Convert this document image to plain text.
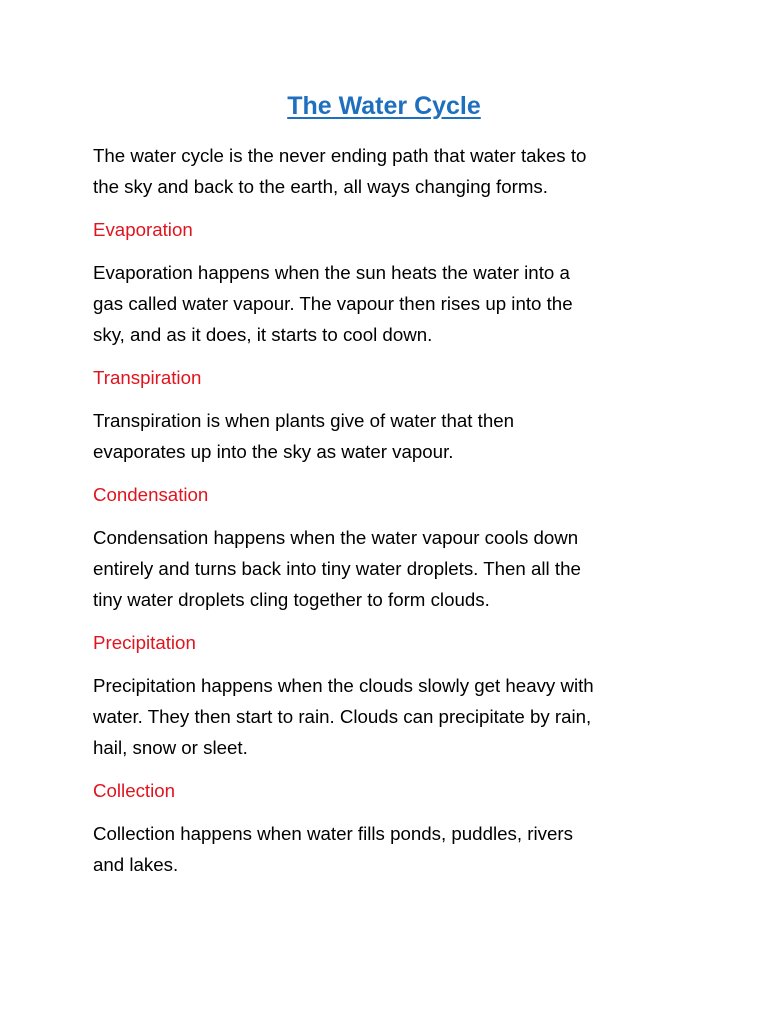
The Water Cycle

The water cycle is the never ending path that water takes to
the sky and back to the earth, all ways changing forms.

Evaporation

Evaporation happens when the sun heats the water into a
gas called water vapour. The vapour then rises up into the
sky, and as it does, it starts to cool down.

Transpiration

Transpiration is when plants give of water that then
evaporates up into the sky as water vapour.

Condensation

Condensation happens when the water vapour cools down
entirely and turns back into tiny water droplets. Then all the
tiny water droplets cling together to form clouds.

Precipitation

Precipitation happens when the clouds slowly get heavy with
water. They then start to rain. Clouds can precipitate by rain,
hail, snow or sleet.

Collection

Collection happens when water fills ponds, puddles, rivers
and lakes.
